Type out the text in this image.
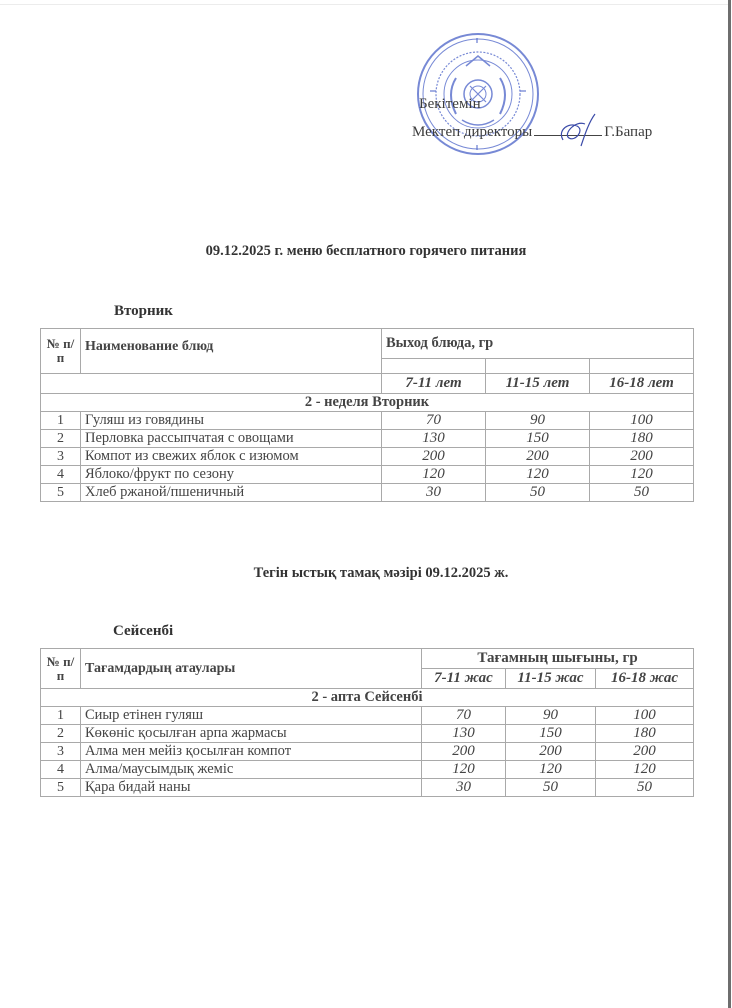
Бекітемін
Мектеп директоры	Г.Бапар
09.12.2025 г. меню бесплатного горячего питания
Вторник
№ п/п	Наименование блюд	Выход блюда, гр		

		7-11 лет	11-15 лет	16-18 лет
2 - неделя Вторник				
1	Гуляш из говядины	70	90	100
2	Перловка рассыпчатая с овощами	130	150	180
3	Компот из свежих яблок с изюмом	200	200	200
4	Яблоко/фрукт по сезону	120	120	120
5	Хлеб ржаной/пшеничный	30	50	50
Тегін ыстық тамақ мәзірі 09.12.2025 ж.
Сейсенбі
№ п/п	Тағамдардың атаулары	Тағамның шығыны, гр		
		7-11 жас	11-15 жас	16-18 жас
2 - апта Сейсенбі				
1	Сиыр етінен гуляш	70	90	100
2	Көкөніс қосылған арпа жармасы	130	150	180
3	Алма мен мейіз қосылған компот	200	200	200
4	Алма/маусымдық жеміс	120	120	120
5	Қара бидай наны	30	50	50
